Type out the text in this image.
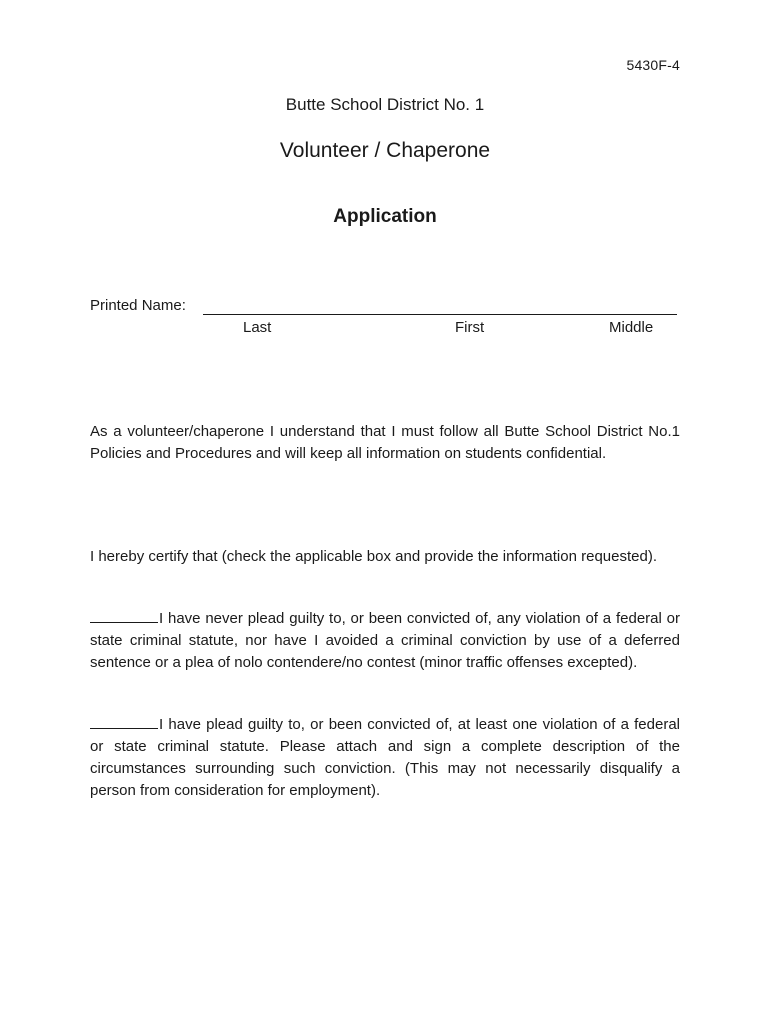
5430F-4
Butte School District No. 1
Volunteer / Chaperone
Application
Printed Name:
Last	First	Middle

As a volunteer/chaperone I understand that I must follow all Butte School District No.1 Policies and Procedures and will keep all information on students confidential.

I hereby certify that (check the applicable box and provide the information requested).

I have never plead guilty to, or been convicted of, any violation of a federal or state criminal statute, nor have I avoided a criminal conviction by use of a deferred sentence or a plea of nolo contendere/no contest (minor traffic offenses excepted).

I have plead guilty to, or been convicted of, at least one violation of a federal or state criminal statute. Please attach and sign a complete description of the circumstances surrounding such conviction. (This may not necessarily disqualify a person from consideration for employment).
